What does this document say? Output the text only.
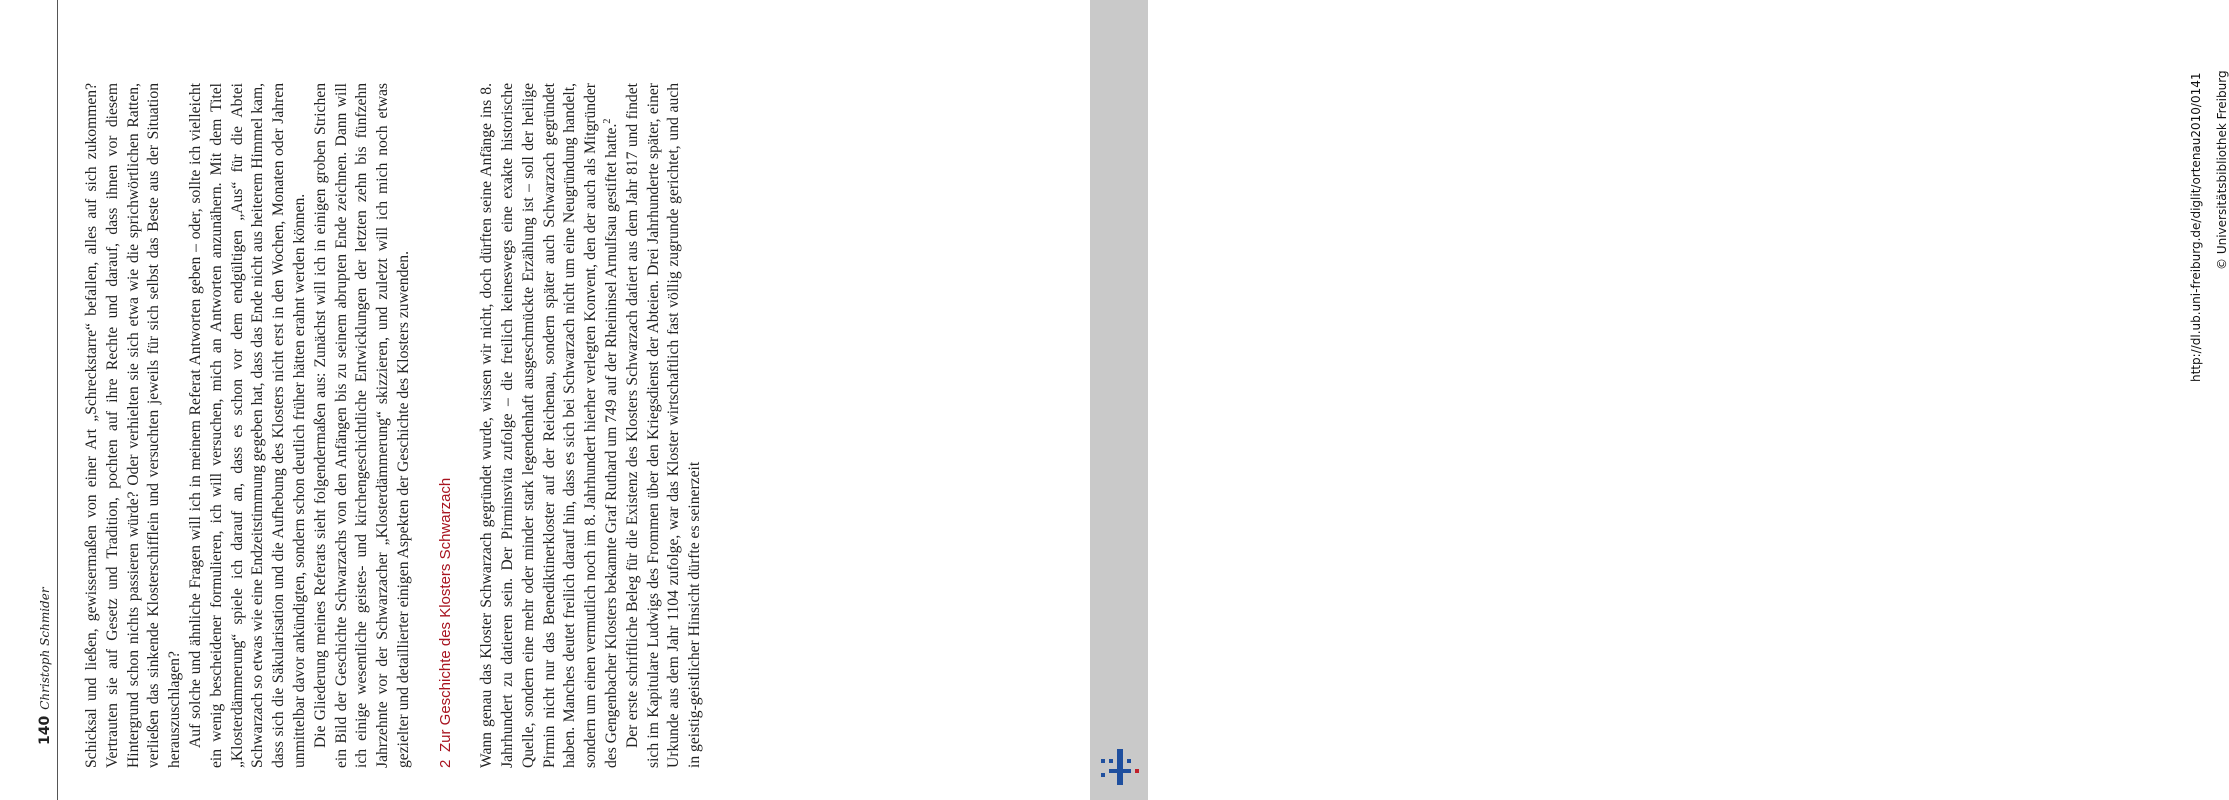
140Christoph Schmider Schicksal und ließen, gewissermaßen von einer Art „Schreckstarre“ befallen, alles auf sich zukommen? Vertrauten sie auf Gesetz und Tradition, pochten auf ihre Rechte und darauf, dass ihnen vor diesem Hintergrund schon nichts passieren würde? Oder verhielten sie sich etwa wie die sprichwörtlichen Ratten, verließen das sinkende Klosterschifflein und versuchten jeweils für sich selbst das Beste aus der Situation herauszuschlagen? Auf solche und ähnliche Fragen will ich in meinem Referat Antworten geben – oder, sollte ich vielleicht ein wenig bescheidener formulieren, ich will versuchen, mich an Antworten anzunähern. Mit dem Titel „Klosterdämmerung“ spiele ich darauf an, dass es schon vor dem endgültigen „Aus“ für die Abtei Schwarzach so etwas wie eine Endzeitstimmung gegeben hat, dass das Ende nicht aus heiterem Himmel kam, dass sich die Säkularisation und die Aufhebung des Klosters nicht erst in den Wochen, Monaten oder Jahren unmittelbar davor ankündigten, sondern schon deutlich früher hätten erahnt werden können. Die Gliederung meines Referats sieht folgendermaßen aus: Zunächst will ich in einigen groben Strichen ein Bild der Geschichte Schwarzachs von den Anfängen bis zu seinem abrupten Ende zeichnen. Dann will ich einige wesentliche geistes- und kirchengeschichtliche Entwicklungen der letzten zehn bis fünfzehn Jahrzehnte vor der Schwarzacher „Klosterdämmerung“ skizzieren, und zuletzt will ich mich noch etwas gezielter und detaillierter einigen Aspekten der Geschichte des Klosters zuwenden. 2Zur Geschichte des Klosters Schwarzach Wann genau das Kloster Schwarzach gegründet wurde, wissen wir nicht, doch dürften seine Anfänge ins 8. Jahrhundert zu datieren sein. Der Pirminsvita zufolge – die freilich keineswegs eine exakte historische Quelle, sondern eine mehr oder minder stark legendenhaft ausgeschmückte Erzählung ist – soll der heilige Pirmin nicht nur das Benediktinerkloster auf der Reichenau, sondern später auch Schwarzach gegründet haben. Manches deutet freilich darauf hin, dass es sich bei Schwarzach nicht um eine Neugründung handelt, sondern um einen vermutlich noch im 8. Jahrhundert hierher verlegten Konvent, den der auch als Mitgründer des Gengenbacher Klosters bekannte Graf Ruthard um 749 auf der Rheininsel Arnulfsau gestiftet hatte.$^2$ Der erste schriftliche Beleg für die Existenz des Klosters Schwarzach datiert aus dem Jahr 817 und findet sich im Kapitulare Ludwigs des Frommen über den Kriegsdienst der Abteien. Drei Jahrhunderte später, einer Urkunde aus dem Jahr 1104 zufolge, war das Kloster wirtschaftlich fast völlig zugrunde gerichtet, und auch in geistig-geistlicher Hinsicht dürfte es seinerzeit

http://dl.ub.uni-freiburg.de/diglit/ortenau2010/0141 © Universitätsbibliothek Freiburg
